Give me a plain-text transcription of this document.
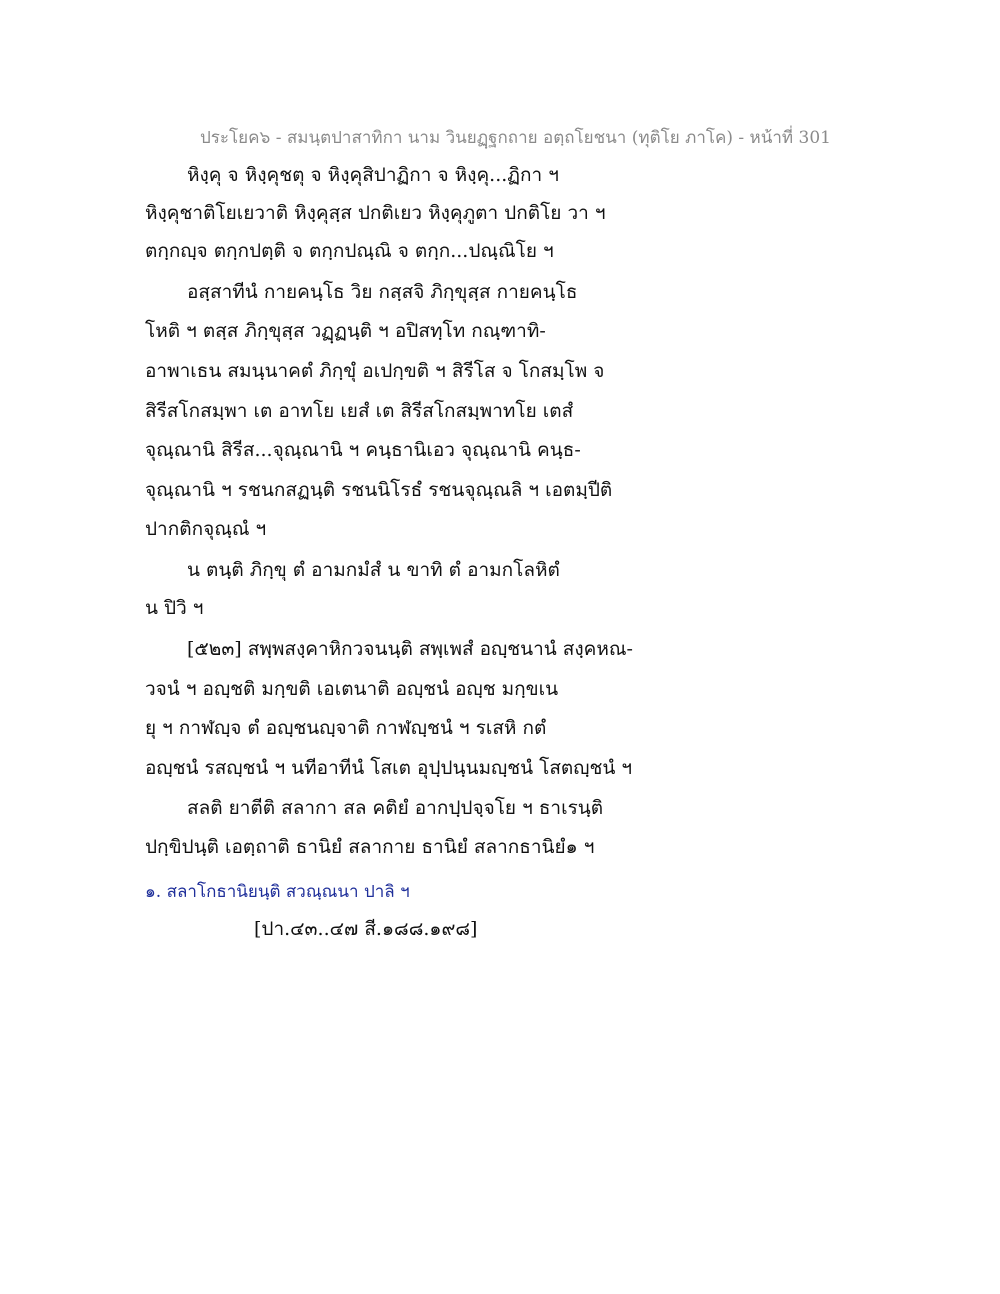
ประโยค๖ - สมนฺตปาสาทิกา นาม วินยฏฺฐกถาย อตฺถโยชนา (ทุติโย ภาโค) - หน้าที่ 301
หิงฺคุ จ หิงฺคุชตุ จ หิงฺคุสิปาฏิกา จ หิงฺคุ...ฏิกา ฯ
หิงฺคุชาติโยเยวาติ หิงฺคุสฺส ปกติเยว หิงฺคุภูตา ปกติโย วา ฯ
ตกฺกญฺจ ตกฺกปตฺติ จ ตกฺกปณฺณิ จ ตกฺก...ปณฺณิโย ฯ
อสฺสาทีนํ กายคนฺโธ วิย กสฺสจิ ภิกฺขุสฺส กายคนฺโธ
โหติ ฯ ตสฺส ภิกฺขุสฺส วฏฺฏนฺติ ฯ อปิสทฺโท กณฺฑาทิ-
อาพาเธน สมนฺนาคตํ ภิกฺขุํ อเปกฺขติ ฯ สิรีโส จ โกสมฺโพ จ
สิรีสโกสมฺพา เต อาทโย เยสํ เต สิรีสโกสมฺพาทโย เตสํ
จุณฺณานิ สิรีส...จุณฺณานิ ฯ คนฺธานิเอว จุณฺณานิ คนฺธ-
จุณฺณานิ ฯ รชนกสฏนฺติ รชนนิโรธํ รชนจุณฺณลิ ฯ เอตมฺปีติ
ปากติกจุณฺณํ ฯ
น ตนฺติ ภิกฺขุ ตํ อามกมํสํ น ขาทิ ตํ อามกโลหิตํ
น ปิวิ ฯ
[๕๒๓] สพฺพสงฺคาหิกวจนนฺติ สพฺเพสํ อญฺชนานํ สงฺคหณ-
วจนํ ฯ อญฺชติ มกฺขติ เอเตนาติ อญฺชนํ อญฺช มกฺขเน
ยุ ฯ กาฬญฺจ ตํ อญฺชนญฺจาติ กาฬญฺชนํ ฯ รเสหิ กตํ
อญฺชนํ รสญฺชนํ ฯ นทีอาทีนํ โสเต อุปฺปนฺนมญฺชนํ โสตญฺชนํ ฯ
สลติ ยาตีติ สลากา สล คติยํ อากปฺปจฺจโย ฯ ธาเรนฺติ
ปกฺขิปนฺติ เอตฺถาติ ธานิยํ สลากาย ธานิยํ สลากธานิยํ๑ ฯ
๑. สลาโกธานิยนฺติ สวณฺณนา ปาลิ ฯ
[ปา.๔๓..๔๗ สี.๑๘๘.๑๙๘]
